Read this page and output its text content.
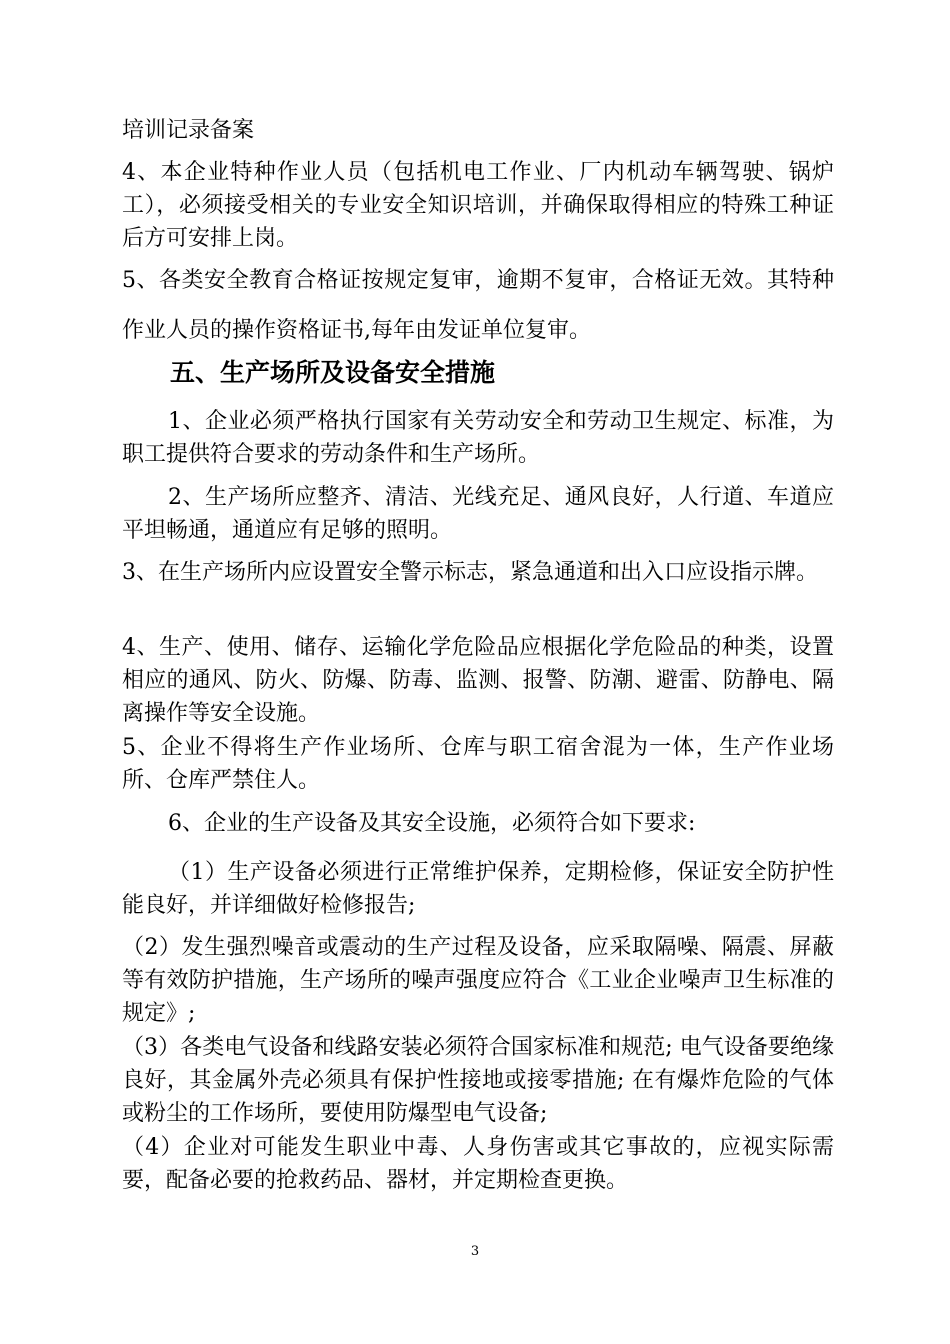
培训记录备案

4、本企业特种作业人员（包括机电工作业、厂内机动车辆驾驶、锅炉工），必须接受相关的专业安全知识培训，并确保取得相应的特殊工种证后方可安排上岗。

5、各类安全教育合格证按规定复审，逾期不复审，合格证无效。其特种作业人员的操作资格证书,每年由发证单位复审。

五、生产场所及设备安全措施

1、企业必须严格执行国家有关劳动安全和劳动卫生规定、标准，为职工提供符合要求的劳动条件和生产场所。

2、生产场所应整齐、清洁、光线充足、通风良好，人行道、车道应平坦畅通，通道应有足够的照明。

3、在生产场所内应设置安全警示标志，紧急通道和出入口应设指示牌。

4、生产、使用、储存、运输化学危险品应根据化学危险品的种类，设置相应的通风、防火、防爆、防毒、监测、报警、防潮、避雷、防静电、隔离操作等安全设施。

5、企业不得将生产作业场所、仓库与职工宿舍混为一体，生产作业场所、仓库严禁住人。

6、企业的生产设备及其安全设施，必须符合如下要求:

（1）生产设备必须进行正常维护保养，定期检修，保证安全防护性能良好，并详细做好检修报告;

（2）发生强烈噪音或震动的生产过程及设备，应采取隔噪、隔震、屏蔽等有效防护措施，生产场所的噪声强度应符合《工业企业噪声卫生标准的规定》;

（3）各类电气设备和线路安装必须符合国家标准和规范; 电气设备要绝缘良好，其金属外壳必须具有保护性接地或接零措施; 在有爆炸危险的气体或粉尘的工作场所，要使用防爆型电气设备;

（4）企业对可能发生职业中毒、人身伤害或其它事故的，应视实际需要，配备必要的抢救药品、器材，并定期检查更换。

3
